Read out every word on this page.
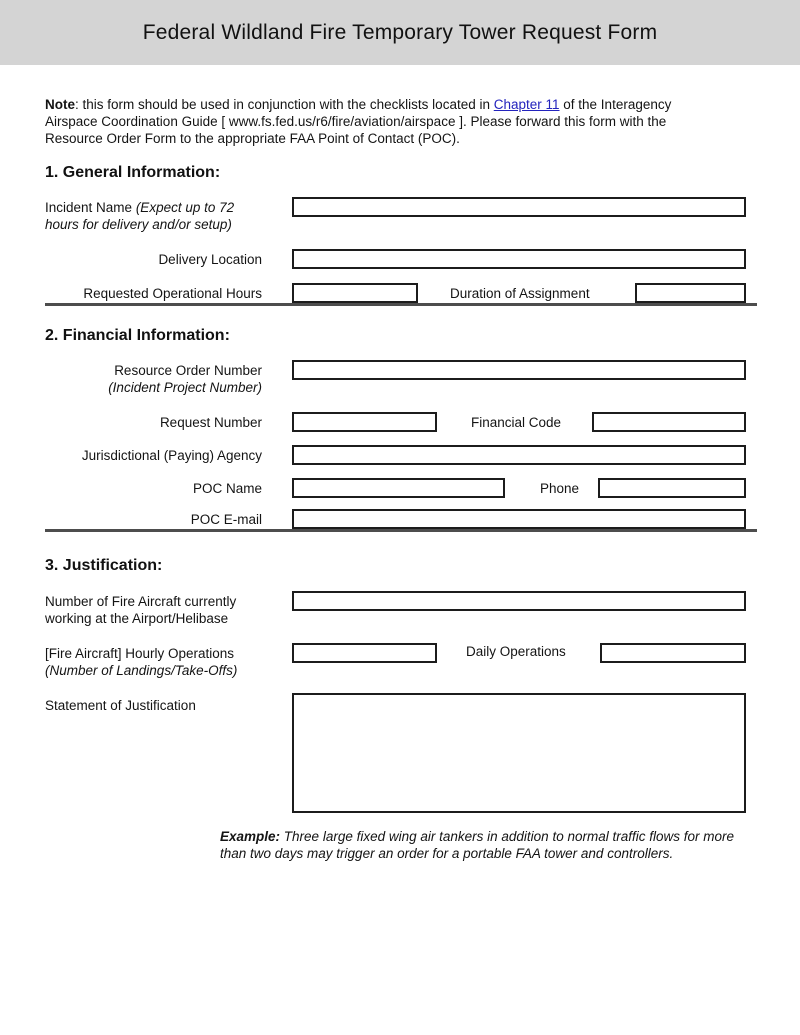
Federal Wildland Fire Temporary Tower Request Form

Note: this form should be used in conjunction with the checklists located in Chapter 11 of the Interagency Airspace Coordination Guide [ www.fs.fed.us/r6/fire/aviation/airspace ]. Please forward this form with the Resource Order Form to the appropriate FAA Point of Contact (POC).

1. General Information:
Incident Name (Expect up to 72 hours for delivery and/or setup)
Delivery Location
Requested Operational Hours	Duration of Assignment
2. Financial Information:
Resource Order Number
(Incident Project Number)
Request Number	Financial Code
Jurisdictional (Paying) Agency
POC Name	Phone
POC E-mail
3. Justification:
Number of Fire Aircraft currently working at the Airport/Helibase
[Fire Aircraft] Hourly Operations
(Number of Landings/Take-Offs)
Daily Operations
Statement of Justification

Example: Three large fixed wing air tankers in addition to normal traffic flows for more than two days may trigger an order for a portable FAA tower and controllers.
